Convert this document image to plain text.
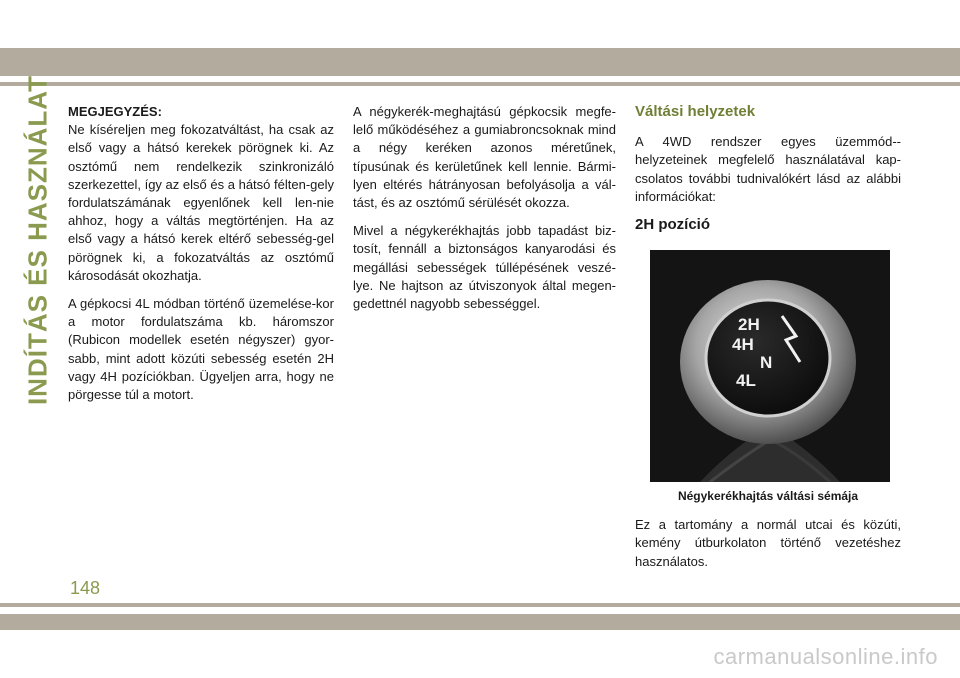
INDÍTÁS ÉS HASZNÁLAT MEGJEGYZÉS:
Ne kíséreljen meg fokozatváltást, ha csak az első vagy a hátsó kerekek pörögnek ki. Az osztómű nem rendelkezik szinkronizáló szerkezettel, így az első és a hátsó félten-gely fordulatszámának egyenlőnek kell len-nie ahhoz, hogy a váltás megtörténjen. Ha az első vagy a hátsó kerek eltérő sebesség-gel pörögnek ki, a fokozatváltás az osztómű károsodását okozhatja.

A gépkocsi 4L módban történő üzemelése-kor a motor fordulatszáma kb. háromszor (Rubicon modellek esetén négyszer) gyor-sabb, mint adott közúti sebesség esetén 2H vagy 4H pozíciókban. Ügyeljen arra, hogy ne pörgesse túl a motort.

A négykerék-meghajtású gépkocsik megfe-lelő működéséhez a gumiabroncsoknak mind a négy keréken azonos méretűnek, típusúnak és kerületűnek kell lennie. Bármi-lyen eltérés hátrányosan befolyásolja a vál-tást, és az osztómű sérülését okozza.

Mivel a négykerékhajtás jobb tapadást biz-tosít, fennáll a biztonságos kanyarodási és megállási sebességek túllépésének veszé-lye. Ne hajtson az útviszonyok által megen-gedettnél nagyobb sebességgel.

Váltási helyzetek

A 4WD rendszer egyes üzemmód--helyzeteinek megfelelő használatával kap-csolatos további tudnivalókért lásd az alábbi információkat:

2H pozíció
2H
4H
N
4L
Négykerékhajtás váltási sémája

Ez a tartomány a normál utcai és közúti, kemény útburkolaton történő vezetéshez használatos.

148
carmanualsonline.info
